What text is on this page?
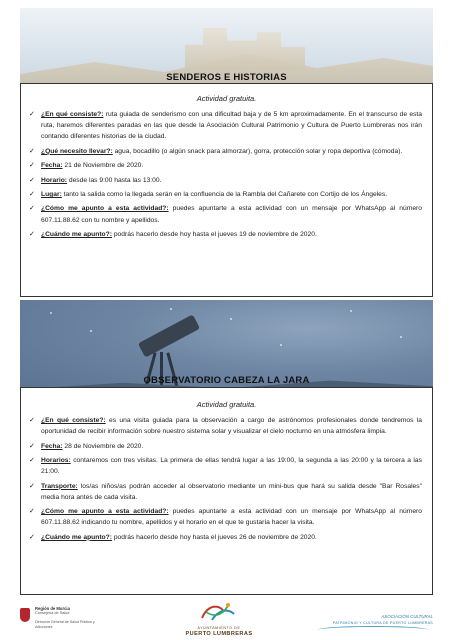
SENDEROS E HISTORIAS
Actividad gratuita.
✓ ¿En qué consiste?: ruta guiada de senderismo con una dificultad baja y de 5 km aproximadamente. En el transcurso de esta ruta, haremos diferentes paradas en las que desde la Asociación Cultural Patrimonio y Cultura de Puerto Lumbreras nos irán contando diferentes historias de la ciudad.
✓ ¿Qué necesito llevar?: agua, bocadillo (o algún snack para almorzar), gorra, protección solar y ropa deportiva (cómoda).
✓ Fecha: 21 de Noviembre de 2020.
✓ Horario: desde las 9:00 hasta las 13:00.
✓ Lugar: tanto la salida como la llegada serán en la confluencia de la Rambla del Cañarete con Cortijo de los Ángeles.
✓ ¿Cómo me apunto a esta actividad?: puedes apuntarte a esta actividad con un mensaje por WhatsApp al número 607.11.88.62 con tu nombre y apellidos.
✓ ¿Cuándo me apunto?: podrás hacerlo desde hoy hasta el jueves 19 de noviembre de 2020.
OBSERVATORIO CABEZA LA JARA
Actividad gratuita.
✓ ¿En qué consiste?: es una visita guiada para la observación a cargo de astrónomos profesionales donde tendremos la oportunidad de recibir información sobre nuestro sistema solar y visualizar el cielo nocturno en una atmósfera limpia.
✓ Fecha: 28 de Noviembre de 2020.
✓ Horarios: contaremos con tres visitas. La primera de ellas tendrá lugar a las 19:00, la segunda a las 20:00 y la tercera a las 21:00.
✓ Transporte: los/as niños/as podrán acceder al observatorio mediante un mini-bus que hará su salida desde "Bar Rosales" media hora antes de cada visita.
✓ ¿Cómo me apunto a esta actividad?: puedes apuntarte a esta actividad con un mensaje por WhatsApp al número 607.11.88.62 indicando tu nombre, apellidos y el horario en el que te gustaría hacer la visita.
✓ ¿Cuándo me apunto?: podrás hacerlo desde hoy hasta el jueves 26 de noviembre de 2020.
Región de Murcia
Consejería de Salud
Dirección General de Salud Pública y Adicciones	AYUNTAMIENTO DE
PUERTO LUMBRERAS
ASOCIACIÓN CULTURAL
PATRIMONIO Y CULTURA DE PUERTO LUMBRERAS
